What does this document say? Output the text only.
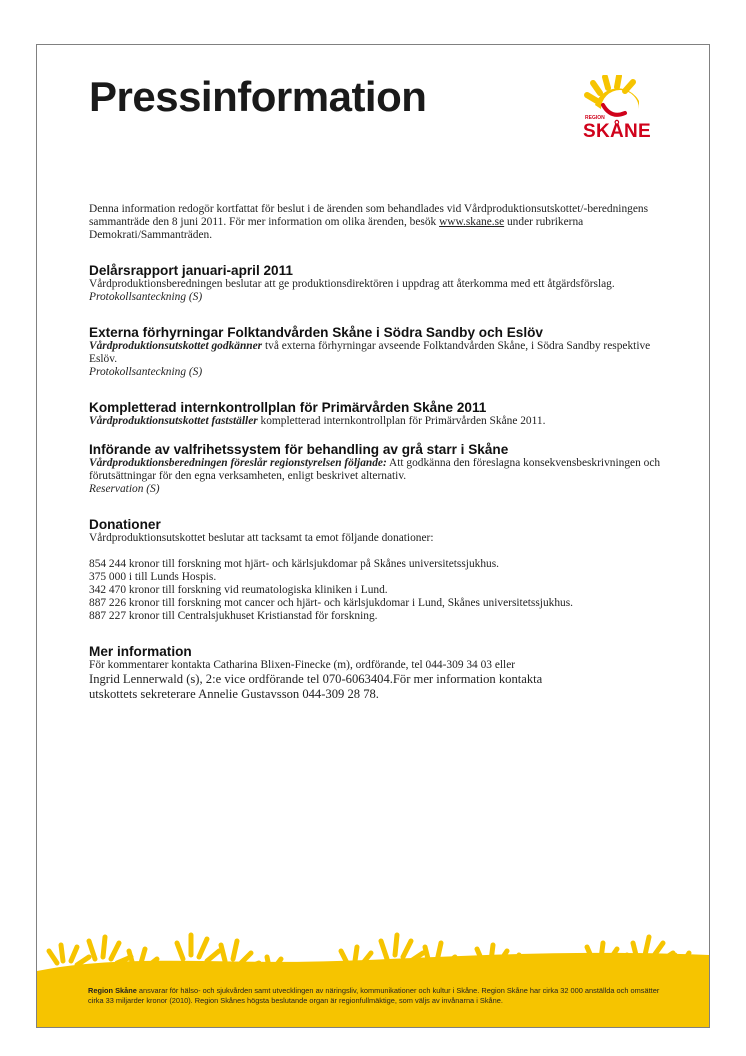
Pressinformation	REGION
SKÅNE

Denna information redogör kortfattat för beslut i de ärenden som behandlades vid Vårdproduktionsutskottet/-beredningens sammanträde den 8 juni 2011. För mer information om olika ärenden, besök www.skane.se under rubrikerna Demokrati/Sammanträden.

Delårsrapport januari-april 2011

Vårdproduktionsberedningen beslutar att ge produktionsdirektören i uppdrag att återkomma med ett åtgärdsförslag.

Protokollsanteckning (S)

Externa förhyrningar Folktandvården Skåne i Södra Sandby och Eslöv

Vårdproduktionsutskottet godkänner två externa förhyrningar avseende Folktandvården Skåne, i Södra Sandby respektive Eslöv.

Protokollsanteckning (S)

Kompletterad internkontrollplan för Primärvården Skåne 2011

Vårdproduktionsutskottet fastställer kompletterad internkontrollplan för Primärvården Skåne 2011.

Införande av valfrihetssystem för behandling av grå starr i Skåne

Vårdproduktionsberedningen föreslår regionstyrelsen följande: Att godkänna den föreslagna konsekvensbeskrivningen och förutsättningar för den egna verksamheten, enligt beskrivet alternativ.

Reservation (S)

Donationer

Vårdproduktionsutskottet beslutar att tacksamt ta emot följande donationer:

854 244 kronor till forskning mot hjärt- och kärlsjukdomar på Skånes universitetssjukhus.

375 000 i till Lunds Hospis.

342 470 kronor till forskning vid reumatologiska kliniken i Lund.

887 226 kronor till forskning mot cancer och hjärt- och kärlsjukdomar i Lund, Skånes universitetssjukhus.

887 227 kronor till Centralsjukhuset Kristianstad för forskning.

Mer information

För kommentarer kontakta Catharina Blixen-Finecke (m), ordförande, tel 044-309 34 03 eller

Ingrid Lennerwald (s), 2:e vice ordförande tel 070-6063404.För mer information kontakta

utskottets sekreterare Annelie Gustavsson 044-309 28 78.

Region Skåne ansvarar för hälso- och sjukvården samt utvecklingen av näringsliv, kommunikationer och kultur i Skåne. Region Skåne har cirka 32 000 anställda och omsätter cirka 33 miljarder kronor (2010). Region Skånes högsta beslutande organ är regionfullmäktige, som väljs av invånarna i Skåne.
